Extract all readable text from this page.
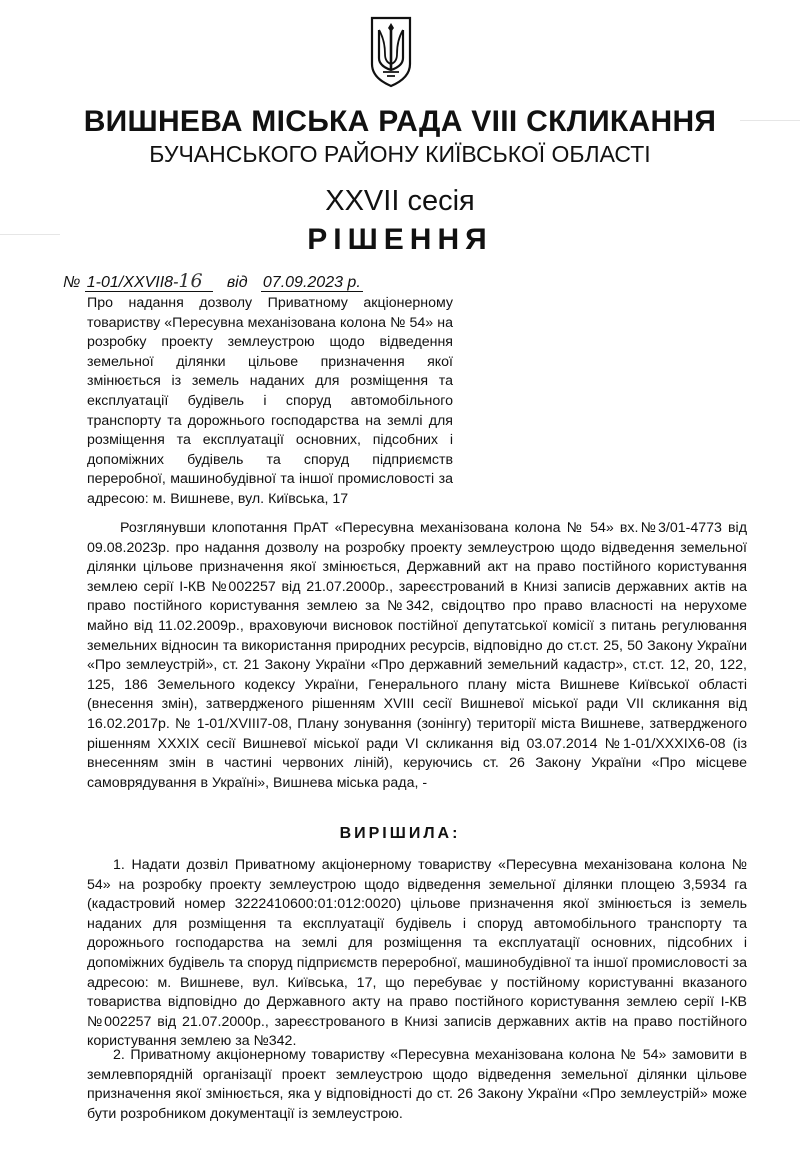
ВИШНЕВА МІСЬКА РАДА VIII СКЛИКАННЯ
БУЧАНСЬКОГО РАЙОНУ КИЇВСЬКОЇ ОБЛАСТІ
XXVII сесія
РІШЕННЯ
№ 1-01/XXVII8-16 від 07.09.2023 р.
Про надання дозволу Приватному акціонерному товариству «Пересувна механізована колона № 54» на розробку проекту землеустрою щодо відведення земельної ділянки цільове призначення якої змінюється із земель наданих для розміщення та експлуатації будівель і споруд автомобільного транспорту та дорожнього господарства на землі для розміщення та експлуатації основних, підсобних і допоміжних будівель та споруд підприємств переробної, машинобудівної та іншої промисловості за адресою: м. Вишневе, вул. Київська, 17
Розглянувши клопотання ПрАТ «Пересувна механізована колона № 54» вх.№3/01-4773 від 09.08.2023р. про надання дозволу на розробку проекту землеустрою щодо відведення земельної ділянки цільове призначення якої змінюється, Державний акт на право постійного користування землею серії І-КВ №002257 від 21.07.2000р., зареєстрований в Книзі записів державних актів на право постійного користування землею за №342, свідоцтво про право власності на нерухоме майно від 11.02.2009р., враховуючи висновок постійної депутатської комісії з питань регулювання земельних відносин та використання природних ресурсів, відповідно до ст.ст. 25, 50 Закону України «Про землеустрій», ст. 21 Закону України «Про державний земельний кадастр», ст.ст. 12, 20, 122, 125, 186 Земельного кодексу України, Генерального плану міста Вишневе Київської області (внесення змін), затвердженого рішенням XVIII сесії Вишневої міської ради VII скликання від 16.02.2017р. № 1-01/XVIII7-08, Плану зонування (зонінгу) території міста Вишневе, затвердженого рішенням XXXIX сесії Вишневої міської ради VI скликання від 03.07.2014 №1-01/XXXIX6-08 (із внесенням змін в частині червоних ліній), керуючись ст. 26 Закону України «Про місцеве самоврядування в Україні», Вишнева міська рада, -
ВИРІШИЛА:
1. Надати дозвіл Приватному акціонерному товариству «Пересувна механізована колона № 54» на розробку проекту землеустрою щодо відведення земельної ділянки площею 3,5934 га (кадастровий номер 3222410600:01:012:0020) цільове призначення якої змінюється із земель наданих для розміщення та експлуатації будівель і споруд автомобільного транспорту та дорожнього господарства на землі для розміщення та експлуатації основних, підсобних і допоміжних будівель та споруд підприємств переробної, машинобудівної та іншої промисловості за адресою: м. Вишневе, вул. Київська, 17, що перебуває у постійному користуванні вказаного товариства відповідно до Державного акту на право постійного користування землею серії І-КВ №002257 від 21.07.2000р., зареєстрованого в Книзі записів державних актів на право постійного користування землею за №342.
2. Приватному акціонерному товариству «Пересувна механізована колона № 54» замовити в землевпорядній організації проект землеустрою щодо відведення земельної ділянки цільове призначення якої змінюється, яка у відповідності до ст. 26 Закону України «Про землеустрій» може бути розробником документації із землеустрою.
